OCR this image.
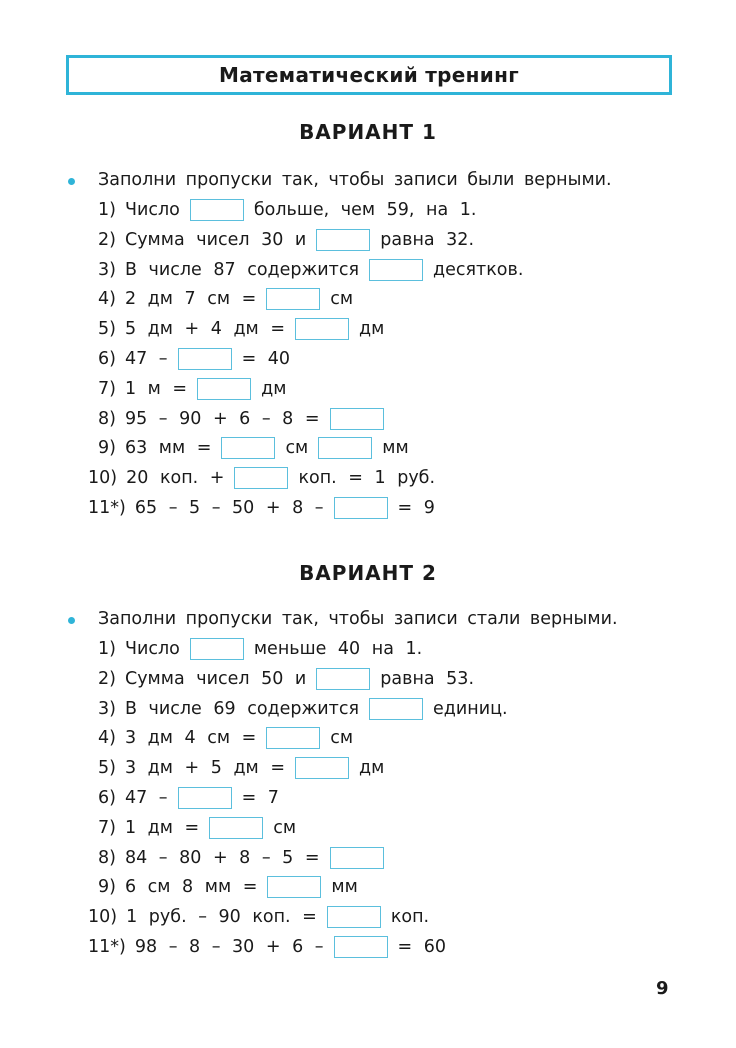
Математический тренинг
ВАРИАНТ 1
Заполни пропуски так, чтобы записи были верными.
1) Число	больше, чем 59, на 1.
2) Сумма чисел 30 и	равна 32.
3) В числе 87 содержится	десятков.
4) 2 дм 7 см =	см
5) 5 дм + 4 дм =	дм
6) 47 –	= 40
7) 1 м =	дм
8) 95 – 90 + 6 – 8 =
9) 63 мм =	см	мм
10) 20 коп. +	коп. = 1 руб.
11*) 65 – 5 – 50 + 8 –	= 9
ВАРИАНТ 2
Заполни пропуски так, чтобы записи стали верными.
1) Число	меньше 40 на 1.
2) Сумма чисел 50 и	равна 53.
3) В числе 69 содержится	единиц.
4) 3 дм 4 см =	см
5) 3 дм + 5 дм =	дм
6) 47 –	= 7
7) 1 дм =	см
8) 84 – 80 + 8 – 5 =
9) 6 см 8 мм =	мм
10) 1 руб. – 90 коп. =	коп.
11*) 98 – 8 – 30 + 6 –	= 60
9
